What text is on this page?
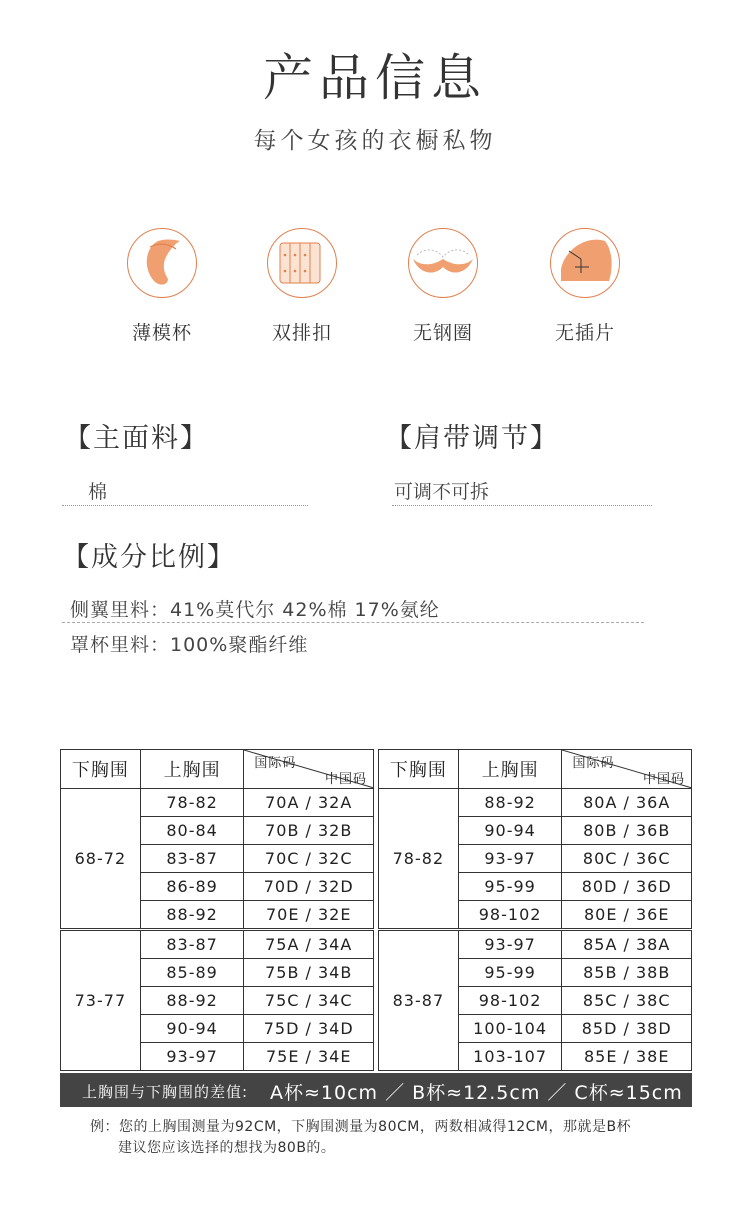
产品信息
每个女孩的衣橱私物
薄模杯	双排扣	无钢圈	无插片
【主面料】
棉
【肩带调节】
可调不可拆
【成分比例】
侧翼里料：41%莫代尔 42%棉 17%氨纶
罩杯里料：100%聚酯纤维
下胸围	上胸围	国际码
中国码

68-72	78-82	70A / 32A
	80-84	70B / 32B
	83-87	70C / 32C
	86-89	70D / 32D
	88-92	70E / 32E
73-77	83-87	75A / 34A
	85-89	75B / 34B
	88-92	75C / 34C
	90-94	75D / 34D
	93-97	75E / 34E
下胸围	上胸围	国际码
中国码

78-82	88-92	80A / 36A
	90-94	80B / 36B
	93-97	80C / 36C
	95-99	80D / 36D
	98-102	80E / 36E
83-87	93-97	85A / 38A
	95-99	85B / 38B
	98-102	85C / 38C
	100-104	85D / 38D
	103-107	85E / 38E
上胸围与下胸围的差值: A杯≈10cm ／ B杯≈12.5cm ／ C杯≈15cm
例：您的上胸围测量为92CM，下胸围测量为80CM，两数相减得12CM，那就是B杯
建议您应该选择的想找为80B的。
